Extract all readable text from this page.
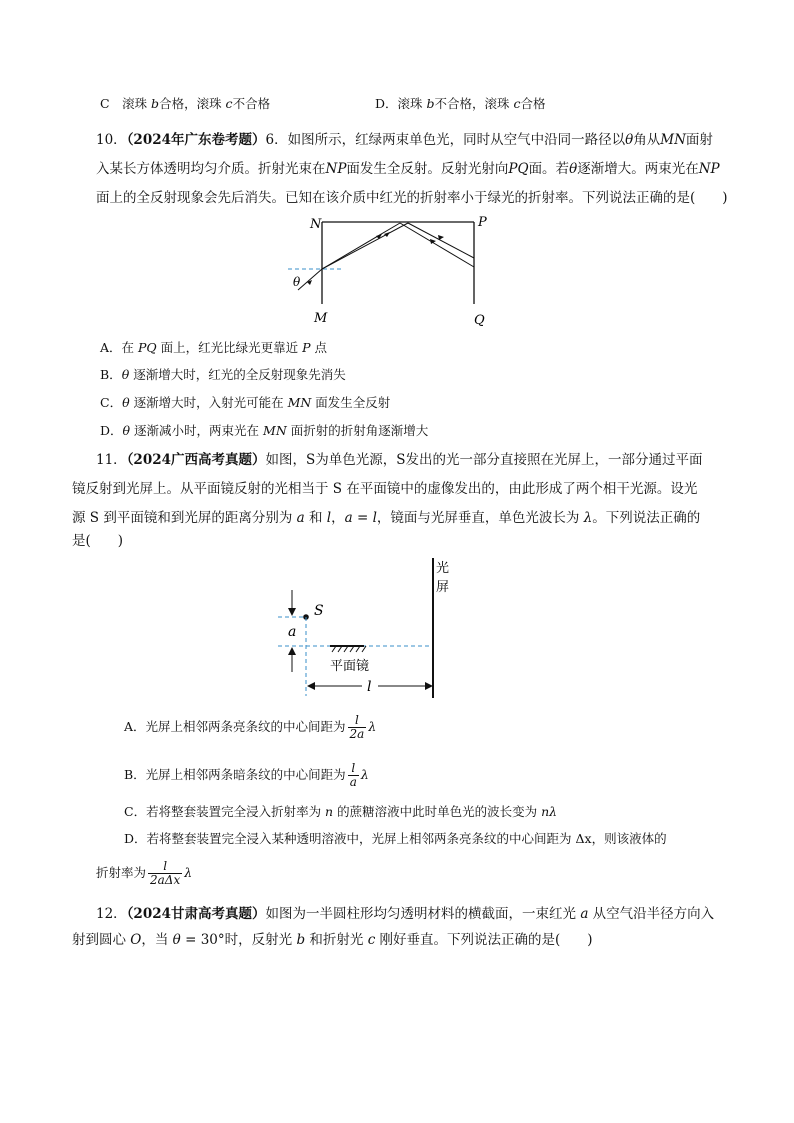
C　滚珠 b合格，滚珠 c不合格	D．滚珠 b不合格，滚珠 c合格
10．（2024年广东卷考题）6．如图所示，红绿两束单色光，同时从空气中沿同一路径以θ角从MN面射
入某长方体透明均匀介质。折射光束在NP面发生全反射。反射光射向PQ面。若θ逐渐增大。两束光在NP
面上的全反射现象会先后消失。已知在该介质中红光的折射率小于绿光的折射率。下列说法正确的是(　　)
N	P
M	Q
θ
A．在 PQ 面上，红光比绿光更靠近 P 点
B．θ 逐渐增大时，红光的全反射现象先消失
C．θ 逐渐增大时，入射光可能在 MN 面发生全反射
D．θ 逐渐减小时，两束光在 MN 面折射的折射角逐渐增大
11．（2024广西高考真题）如图，S为单色光源，S发出的光一部分直接照在光屏上，一部分通过平面
镜反射到光屏上。从平面镜反射的光相当于 S 在平面镜中的虚像发出的，由此形成了两个相干光源。设光
源 S 到平面镜和到光屏的距离分别为 a 和 l，a = l，镜面与光屏垂直，单色光波长为 λ。下列说法正确的
是(　　)
光
屏
S
a
平面镜
l
A．光屏上相邻两条亮条纹的中心间距为 $\frac{l}{2a}$ λ
B．光屏上相邻两条暗条纹的中心间距为 $\frac{l}{a}$ λ
C．若将整套装置完全浸入折射率为 n 的蔗糖溶液中此时单色光的波长变为 nλ
D．若将整套装置完全浸入某种透明溶液中，光屏上相邻两条亮条纹的中心间距为 Δx，则该液体的
折射率为 $\frac{l}{\text{2aΔx}}$ λ
12．（2024甘肃高考真题）如图为一半圆柱形均匀透明材料的横截面，一束红光 a 从空气沿半径方向入
射到圆心 O，当 θ = 30°时，反射光 b 和折射光 c 刚好垂直。下列说法正确的是(　　)
